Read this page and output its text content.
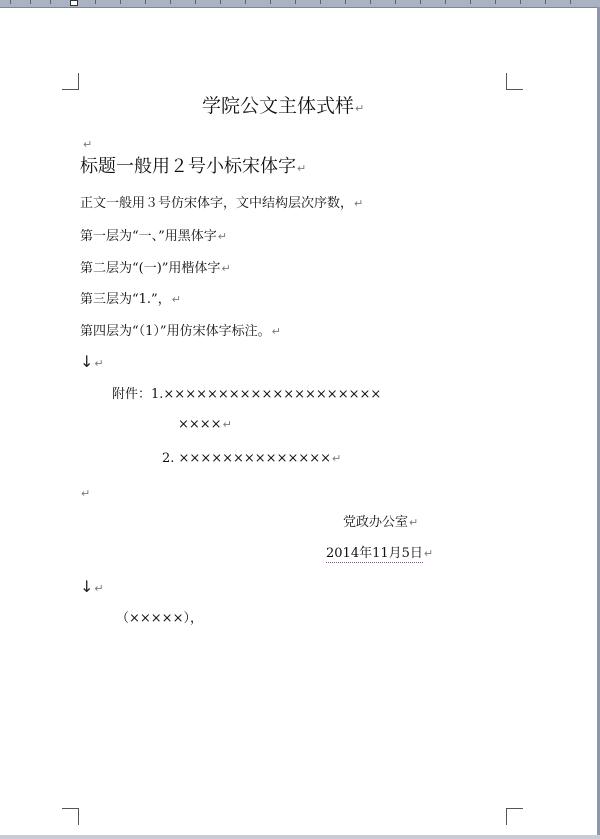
学院公文主体式样↵
↵
标题一般用２号小标宋体字↵
正文一般用３号仿宋体字，文中结构层次序数，↵
第一层为“一、”用黑体字↵
第二层为“(一)”用楷体字↵
第三层为“1.”，↵
第四层为“（1）”用仿宋体字标注。↵
↓↵
附件：1.××××××××××××××××××××
××××↵
2. ××××××××××××××↵
↵
党政办公室↵
2014年11月5日↵
↓↵
（×××××），
